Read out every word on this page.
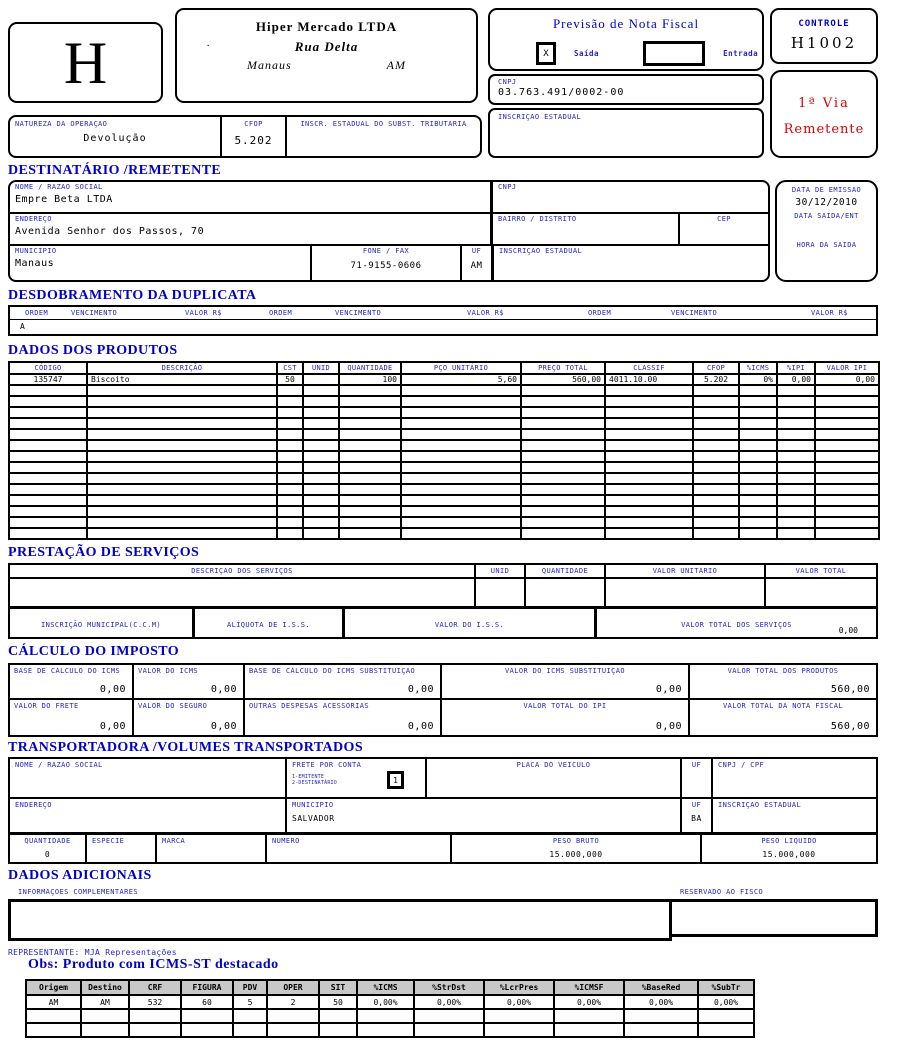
H
Hiper Mercado LTDA
.	Rua Delta
Manaus	AM
Previsão de Nota Fiscal
X	Saída	Entrada
CONTROLE
H1002
CNPJ
03.763.491/0002-00
INSCRIÇÃO ESTADUAL
1ª Via
Remetente
NATUREZA DA OPERAÇÃO
Devolução
CFOP
5.202
INSCR. ESTADUAL DO SUBST. TRIBUTÁRIA
DESTINATÁRIO /REMETENTE
NOME / RAZÃO SOCIAL
Empre Beta LTDA
CNPJ
ENDEREÇO
Avenida Senhor dos Passos, 70
BAIRRO / DISTRITO	CEP
MUNICÍPIO
Manaus
FONE / FAX
71-9155-0606
UF
AM
INSCRIÇÃO ESTADUAL
DATA DE EMISSÃO
30/12/2010
DATA SAIDA/ENT
HORA DA SAIDA
DESDOBRAMENTO DA DUPLICATA
ORDEM	VENCIMENTO	VALOR R$	ORDEM	VENCIMENTO	VALOR R$	ORDEM	VENCIMENTO	VALOR R$
A
DADOS DOS PRODUTOS
CÓDIGO	DESCRIÇÃO	CST	UNID	QUANTIDADE	PÇO UNITÁRIO	PREÇO TOTAL	CLASSIF	CFOP	%ICMS	%IPI	VALOR IPI
135747	Biscoito	50		100	5,60	560,00	4011.10.00	5.202	0%	0,00	0,00

PRESTAÇÃO DE SERVIÇOS
DESCRIÇÃO DOS SERVIÇOS	UNID	QUANTIDADE	VALOR UNITÁRIO	VALOR TOTAL
INSCRIÇÃO MUNICIPAL(C.C.M)	ALÍQUOTA DE I.S.S.	VALOR DO I.S.S.	VALOR TOTAL DOS SERVIÇOS
0,00
CÁLCULO DO IMPOSTO
BASE DE CÁLCULO DO ICMS
0,00
VALOR DO ICMS
0,00
BASE DE CÁLCULO DO ICMS SUBSTITUIÇÃO
0,00
VALOR DO ICMS SUBSTITUIÇÃO
0,00
VALOR TOTAL DOS PRODUTOS
560,00
VALOR DO FRETE
0,00
VALOR DO SEGURO
0,00
OUTRAS DESPESAS ACESSORIAS
0,00
VALOR TOTAL DO IPI
0,00
VALOR TOTAL DA NOTA FISCAL
560,00
TRANSPORTADORA /VOLUMES TRANSPORTADOS
NOME / RAZÃO SOCIAL	FRETE POR CONTA
1-EMITENTE
2-DESTINATÁRIO	1
PLACA DO VEICULO	UF	CNPJ / CPF
ENDEREÇO	MUNICIPIO
SALVADOR
UF
BA
INSCRIÇÃO ESTADUAL
QUANTIDADE
0
ESPÉCIE	MARCA	NÚMERO	PESO BRUTO
15.000,000
PESO LIQUIDO
15.000,000
DADOS ADICIONAIS
INFORMAÇÕES COMPLEMENTARES	RESERVADO AO FISCO
REPRESENTANTE: MJA Representações
Obs: Produto com ICMS-ST destacado
Origem	Destino	CRF	FIGURA	PDV	OPER	SIT	%ICMS	%StrDst	%LcrPres	%ICMSF	%BaseRed	%SubTr
AM	AM	532	60	5	2	50	0,00%	0,00%	0,00%	0,00%	0,00%	0,00%
